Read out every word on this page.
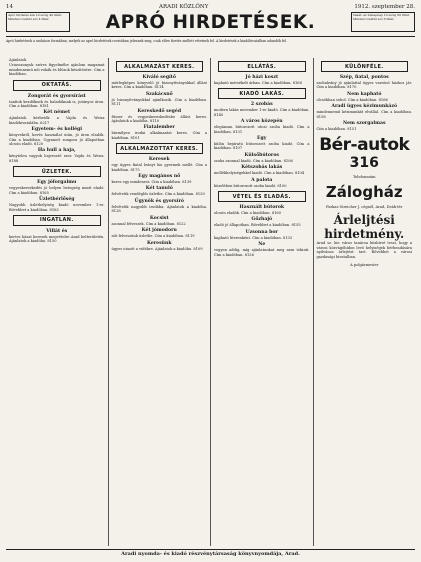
14	ARADI KÖZLÖNY	1912. szeptember 28.
Apró hirdetés ára 10 szóig 40 fillér. Minden további szó 4 fillér.	APRÓ HIRDETÉSEK.	Vasár- és ünnepnap 10 szóig 60 fillér. Minden további szó 6 fillér.
Apró hirdetések a szokásos formában, melyek az apró hirdetések rovatában jelennek meg, csak előre fizetés mellett vétetnek fel. A hirdetések a kiadóhivatalban adandók fel.

Ajánlatok

Uriasszonyok szíves figyelmébe ajánlom magamat mindennemű női ruhák és blúzok készítésére. Cím a kiadóban.

OKTATÁS.

Zongorát és gyorsírást

tanítok kezdőknek és haladóknak is, jutányos áron. Cím a kiadóban. 8181

Két német

Ajánlatok kérhetők a Vajda és Weisz kiadóhivatalába. 6217

Egyetem- és kollégi

könyvekről, kevés használat után, jó áron eladók. Cím a kiadóban. Ugyanott zongora jó állapotban olcsón eladó. 8120

Ha hull a haja,

kénytelen vagyok hajvesztő szer. Vajda és Weisz. 8188

ÜZLETEK.

Egy jóforgalmu

vegyeskereskedés jó helyen betegség miatt eladó. Cím a kiadóban. 8165

Üzletbérlőség

Nagyobb üzlethelyiség kiadó november 1-re. Bővebbet a kiadóban. 8163

INGATLAN.

Villát és

kertes házat keresek megvételre Arad belterületén. Ajánlatok a kiadóba. 8150

ALKALMAZÁST KERES.

Kiváló segítő

mérlegképes könyvelő jó bizonyítványokkal állást keres. Cím a kiadóban. 8114

Szakácsnő

jó bizonyítványokkal ajánlkozik. Cím a kiadóban. 8111

Kereskedő segéd

fűszer és vegyeskereskedésbe állást keres. Ajánlatok a kiadóba. 8110

Fiatalember

bármilyen irodai alkalmazást keres. Cím a kiadóban. 8101

ALKALMAZOTTAT KERES.

Keresek

egy ügyes fiatal leányt kis gyermek mellé. Cím a kiadóban. 8175

Egy magános nő

keres egy mindenest. Cím a kiadóban. 8139

Két tanuló

felvétetik vendéglős üzletbe. Cím a kiadóban. 8130

Ügynök és gyorsíró

felvétetik nagyobb irodába. Ajánlatok a kiadóba. 8128

Kocsist

azonnal felveszek. Cím a kiadóban. 8122

Két jómodoru

nőt felveszünk üzletbe. Cím a kiadóban. 8119

Keresünk

ügyes utazót a vidékre. Ajánlatok a kiadóba. 8109

ELLÁTÁS.

Jó házi koszt

kapható mérsékelt árban. Cím a kiadóban. 8168

KIADÓ LAKÁS.

2 szobás

modern lakás november 1-re kiadó. Cím a kiadóban. 8140

A város közepén

elegánsan bútorozott utcai szoba kiadó. Cím a kiadóban. 8131

Egy

külön bejáratú bútorozott szoba kiadó. Cím a kiadóban. 8107

Külsőbútoros

szoba azonnal kiadó. Cím a kiadóban. 8106

Kétszobás lakás

mellékhelyiségekkel kiadó. Cím a kiadóban. 8104

A palota

közelében bútorozott szoba kiadó. 8100

VÉTEL ÉS ELADÁS.

Használt bútorok

olcsón eladók. Cím a kiadóban. 8160

Gőzhajó

eladó jó állapotban. Bővebbet a kiadóban. 8155

Uzsonna bor

kapható literenként. Cím a kiadóban. 8133

Ne

vegyen addig, míg ajánlatunkat meg nem tekinti. Cím a kiadóban. 8126

KÜLÖNFÉLE.

Szép, fiatal, pontos

szobaleány jó ajánlattal ügyes varrónő házhoz jár. Cím a kiadóban. 8170

Nem kapható

olcsóbban sehol. Cím a kiadóban. 8166

Aradi ügyes kézimunkázó

mindennemű kézimunkát elvállal. Cím a kiadóban. 8158

Nem szorgalmas

Cím a kiadóban. 8151

Bér-autok

316

Telefonszám

Zálogház

Farkas Streicher J. cégnél, Arad, Deák-tér

Árleljtési hirdetmény.

Arad sz. kir. város tanácsa közhírré teszi, hogy a városi közvágóhídon levő helyiségek bérbeadására nyilvános árlejtést tart. Bővebbet a városi gazdasági hivatalban.

A polgármester

Aradi nyomda- és kiadó részvénytársaság könyvnyomdája, Arad.
